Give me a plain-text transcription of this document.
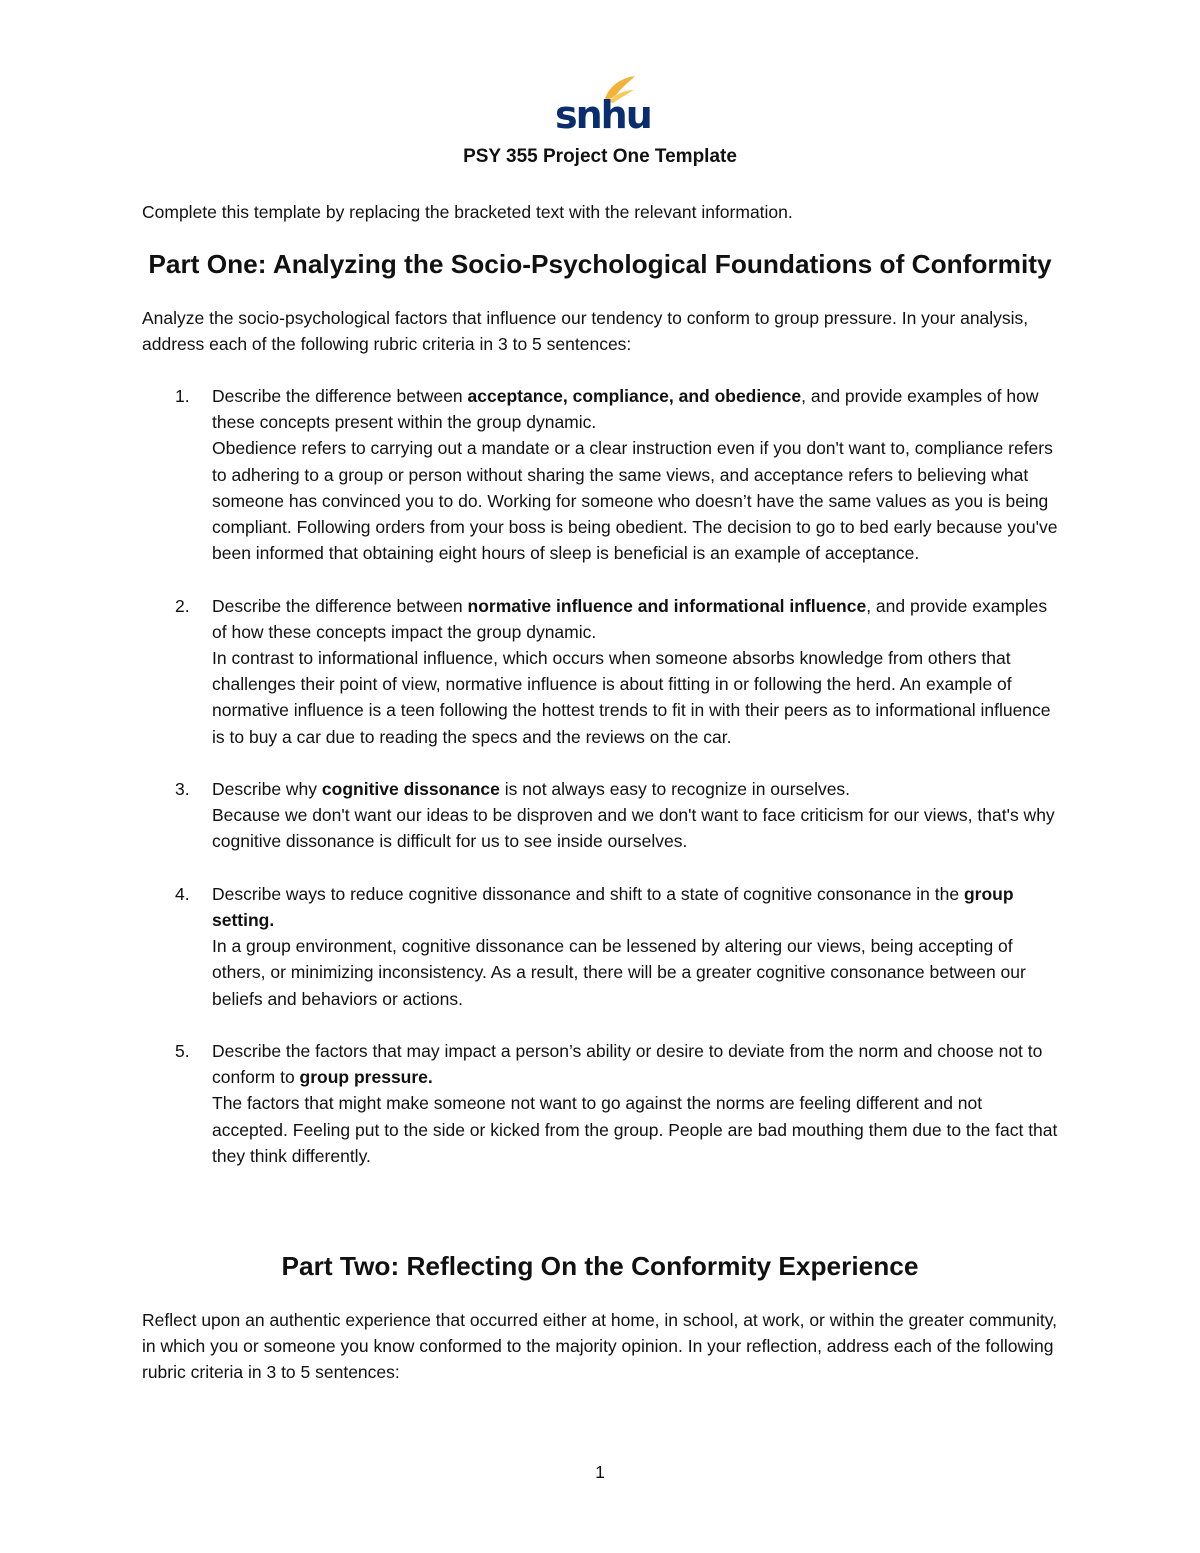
snhu

PSY 355 Project One Template

Complete this template by replacing the bracketed text with the relevant information.

Part One: Analyzing the Socio-Psychological Foundations of Conformity

Analyze the socio-psychological factors that influence our tendency to conform to group pressure. In your analysis, address each of the following rubric criteria in 3 to 5 sentences:

1. Describe the difference between acceptance, compliance, and obedience, and provide examples of how these concepts present within the group dynamic.
Obedience refers to carrying out a mandate or a clear instruction even if you don't want to, compliance refers to adhering to a group or person without sharing the same views, and acceptance refers to believing what someone has convinced you to do. Working for someone who doesn’t have the same values as you is being compliant. Following orders from your boss is being obedient. The decision to go to bed early because you've been informed that obtaining eight hours of sleep is beneficial is an example of acceptance.
2. Describe the difference between normative influence and informational influence, and provide examples of how these concepts impact the group dynamic.
In contrast to informational influence, which occurs when someone absorbs knowledge from others that challenges their point of view, normative influence is about fitting in or following the herd. An example of normative influence is a teen following the hottest trends to fit in with their peers as to informational influence is to buy a car due to reading the specs and the reviews on the car.
3. Describe why cognitive dissonance is not always easy to recognize in ourselves.
Because we don't want our ideas to be disproven and we don't want to face criticism for our views, that's why cognitive dissonance is difficult for us to see inside ourselves.
4. Describe ways to reduce cognitive dissonance and shift to a state of cognitive consonance in the group setting.
In a group environment, cognitive dissonance can be lessened by altering our views, being accepting of others, or minimizing inconsistency. As a result, there will be a greater cognitive consonance between our beliefs and behaviors or actions.
5. Describe the factors that may impact a person’s ability or desire to deviate from the norm and choose not to conform to group pressure.
The factors that might make someone not want to go against the norms are feeling different and not accepted. Feeling put to the side or kicked from the group. People are bad mouthing them due to the fact that they think differently.
Part Two: Reflecting On the Conformity Experience

Reflect upon an authentic experience that occurred either at home, in school, at work, or within the greater community, in which you or someone you know conformed to the majority opinion. In your reflection, address each of the following rubric criteria in 3 to 5 sentences:

1
